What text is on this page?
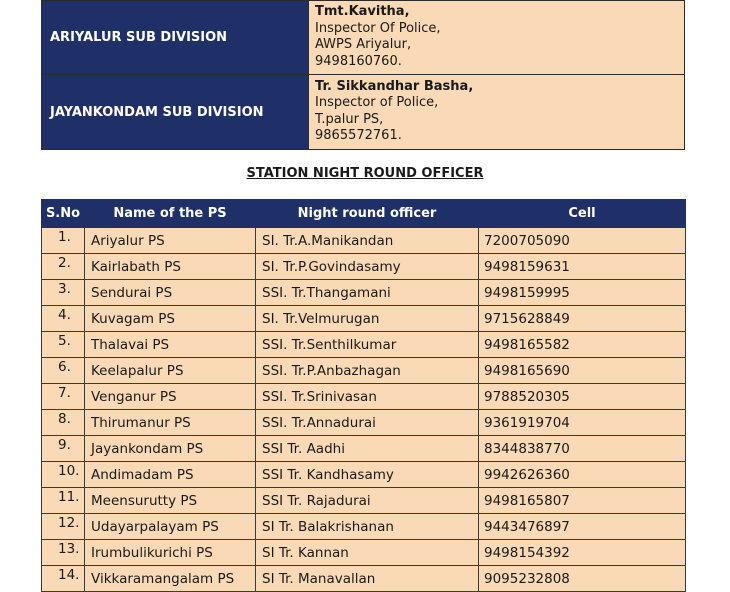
ARIYALUR SUB DIVISION	Tmt.Kavitha,
Inspector Of Police,
AWPS Ariyalur,
9498160760.

JAYANKONDAM SUB DIVISION	Tr. Sikkandhar Basha,
Inspector of Police,
T.palur PS,
9865572761.
STATION NIGHT ROUND OFFICER
S.No	Name of the PS	Night round officer	Cell
1.	Ariyalur PS	SI. Tr.A.Manikandan	7200705090
2.	Kairlabath PS	SI. Tr.P.Govindasamy	9498159631
3.	Sendurai PS	SSI. Tr.Thangamani	9498159995
4.	Kuvagam PS	SI. Tr.Velmurugan	9715628849
5.	Thalavai PS	SSI. Tr.Senthilkumar	9498165582
6.	Keelapalur PS	SSI. Tr.P.Anbazhagan	9498165690
7.	Venganur PS	SSI. Tr.Srinivasan	9788520305
8.	Thirumanur PS	SSI. Tr.Annadurai	9361919704
9.	Jayankondam PS	SSI Tr. Aadhi	8344838770
10.	Andimadam PS	SSI Tr. Kandhasamy	9942626360
11.	Meensurutty PS	SSI Tr. Rajadurai	9498165807
12.	Udayarpalayam PS	SI Tr. Balakrishanan	9443476897
13.	Irumbulikurichi PS	SI Tr. Kannan	9498154392
14.	Vikkaramangalam PS	SI Tr. Manavallan	9095232808
